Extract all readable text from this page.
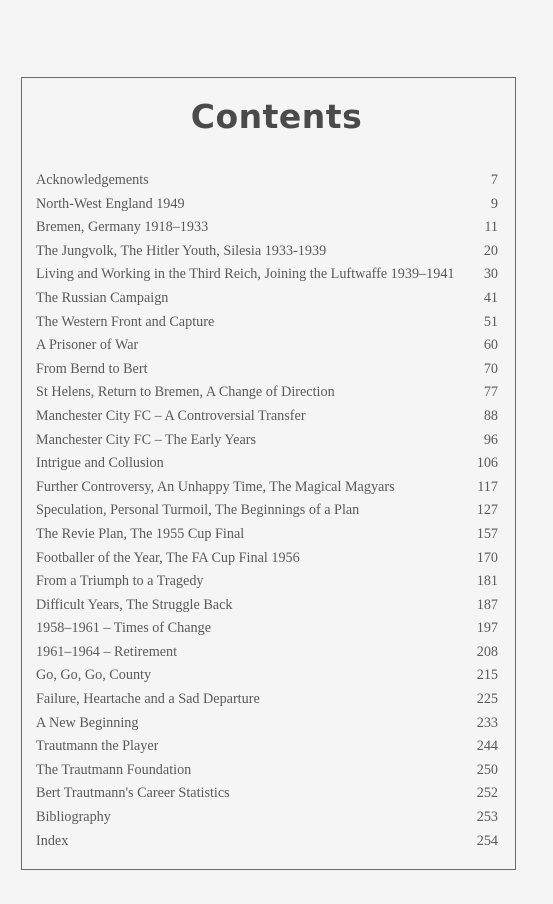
Contents
Acknowledgements	7
North-West England 1949	9
Bremen, Germany 1918–1933	11
The Jungvolk, The Hitler Youth, Silesia 1933-1939	20
Living and Working in the Third Reich, Joining the Luftwaffe 1939–1941	30
The Russian Campaign	41
The Western Front and Capture	51
A Prisoner of War	60
From Bernd to Bert	70
St Helens, Return to Bremen, A Change of Direction	77
Manchester City FC – A Controversial Transfer	88
Manchester City FC – The Early Years	96
Intrigue and Collusion	106
Further Controversy, An Unhappy Time, The Magical Magyars	117
Speculation, Personal Turmoil, The Beginnings of a Plan	127
The Revie Plan, The 1955 Cup Final	157
Footballer of the Year, The FA Cup Final 1956	170
From a Triumph to a Tragedy	181
Difficult Years, The Struggle Back	187
1958–1961 – Times of Change	197
1961–1964 – Retirement	208
Go, Go, Go, County	215
Failure, Heartache and a Sad Departure	225
A New Beginning	233
Trautmann the Player	244
The Trautmann Foundation	250
Bert Trautmann's Career Statistics	252
Bibliography	253
Index	254
